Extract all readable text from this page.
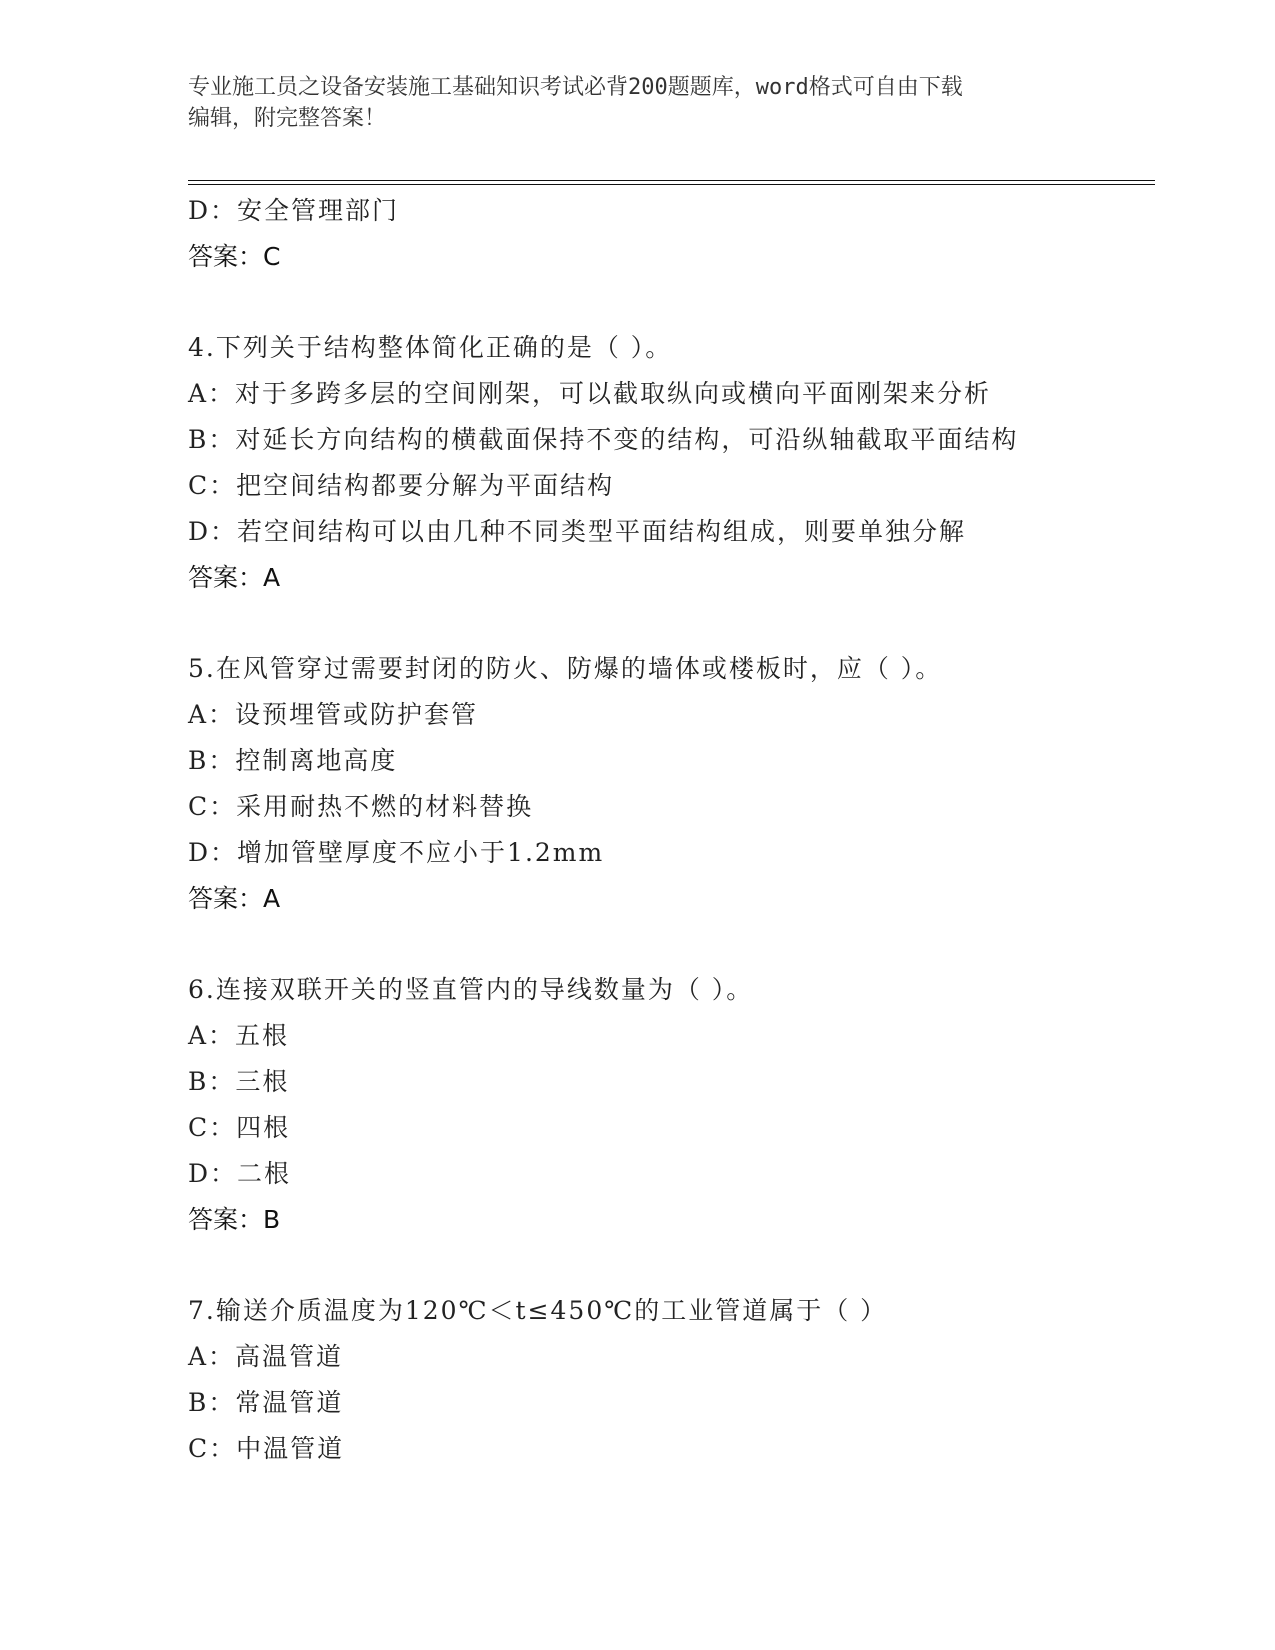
专业施工员之设备安装施工基础知识考试必背200题题库，word格式可自由下载
编辑，附完整答案！
D：安全管理部门
答案：C
4.下列关于结构整体简化正确的是（ ）。
A：对于多跨多层的空间刚架，可以截取纵向或横向平面刚架来分析
B：对延长方向结构的横截面保持不变的结构，可沿纵轴截取平面结构
C：把空间结构都要分解为平面结构
D：若空间结构可以由几种不同类型平面结构组成，则要单独分解
答案：A
5.在风管穿过需要封闭的防火、防爆的墙体或楼板时，应（ ）。
A：设预埋管或防护套管
B：控制离地高度
C：采用耐热不燃的材料替换
D：增加管壁厚度不应小于1.2mm
答案：A
6.连接双联开关的竖直管内的导线数量为（ ）。
A：五根
B：三根
C：四根
D：二根
答案：B
7.输送介质温度为120℃＜t≤450℃的工业管道属于（ ）
A：高温管道
B：常温管道
C：中温管道
